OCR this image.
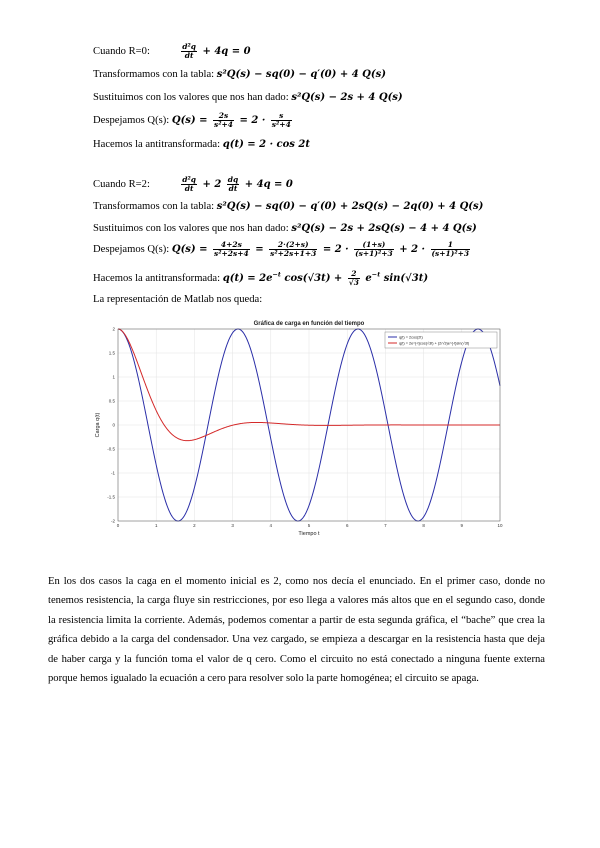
Cuando R=0:	$\frac{\text{d²q}}{dt} + 4q = 0$
Transformamos con la tabla: s²Q(s) − sq(0) − q′(0) + 4 Q(s)
Sustituimos con los valores que nos han dado: s²Q(s) − 2s + 4 Q(s)
Despejamos Q(s): $Q(s) = \frac{2s}{\text{s²+4}} = 2 \cdot \frac{s}{\text{s²+4}}$
Hacemos la antitransformada: q(t) = 2 · cos 2t
Cuando R=2:	$\frac{\text{d²q}}{dt} + 2 \frac{dq}{dt} + 4q = 0$
Transformamos con la tabla: s²Q(s) − sq(0) − q′(0) + 2sQ(s) − 2q(0) + 4 Q(s)
Sustituimos con los valores que nos han dado: s²Q(s) − 2s + 2sQ(s) − 4 + 4 Q(s)
Despejamos Q(s): $Q(s) = \frac{4+2s}{\text{s²+2s+4}} = \frac{2\cdot(2+s)}{\text{s²+2s+1+3}} = 2 \cdot \frac{(1+s)}{\text{(s+1)²+3}} + 2 \cdot \frac{1}{\text{(s+1)²+3}}$
Hacemos la antitransformada: $q(t) = 2e^{-t}$ $\cos(√3t) + \frac{2}{√3} e^{-t}$ sin(√3t)
La representación de Matlab nos queda:
0	1	2	3	4	5	6	7	8	9	10
-2
-1.5
-1
-0.5
0
0.5
1
1.5
2
Gráfica de carga en función del tiempo
Tiempo t
Carga q(t)
q(t) = 2cos(2t)
q(t) = 2e^{-t}cos(√3t) + (2/√3)e^{-t}sin(√3t)
En los dos casos la caga en el momento inicial es 2, como nos decía el enunciado. En el primer caso, donde no tenemos resistencia, la carga fluye sin restricciones, por eso llega a valores más altos que en el segundo caso, donde la resistencia limita la corriente. Además, podemos comentar a partir de esta segunda gráfica, el “bache” que crea la gráfica debido a la carga del condensador. Una vez cargado, se empieza a descargar en la resistencia hasta que deja de haber carga y la función toma el valor de q cero. Como el circuito no está conectado a ninguna fuente externa porque hemos igualado la ecuación a cero para resolver solo la parte homogénea; el circuito se apaga.
